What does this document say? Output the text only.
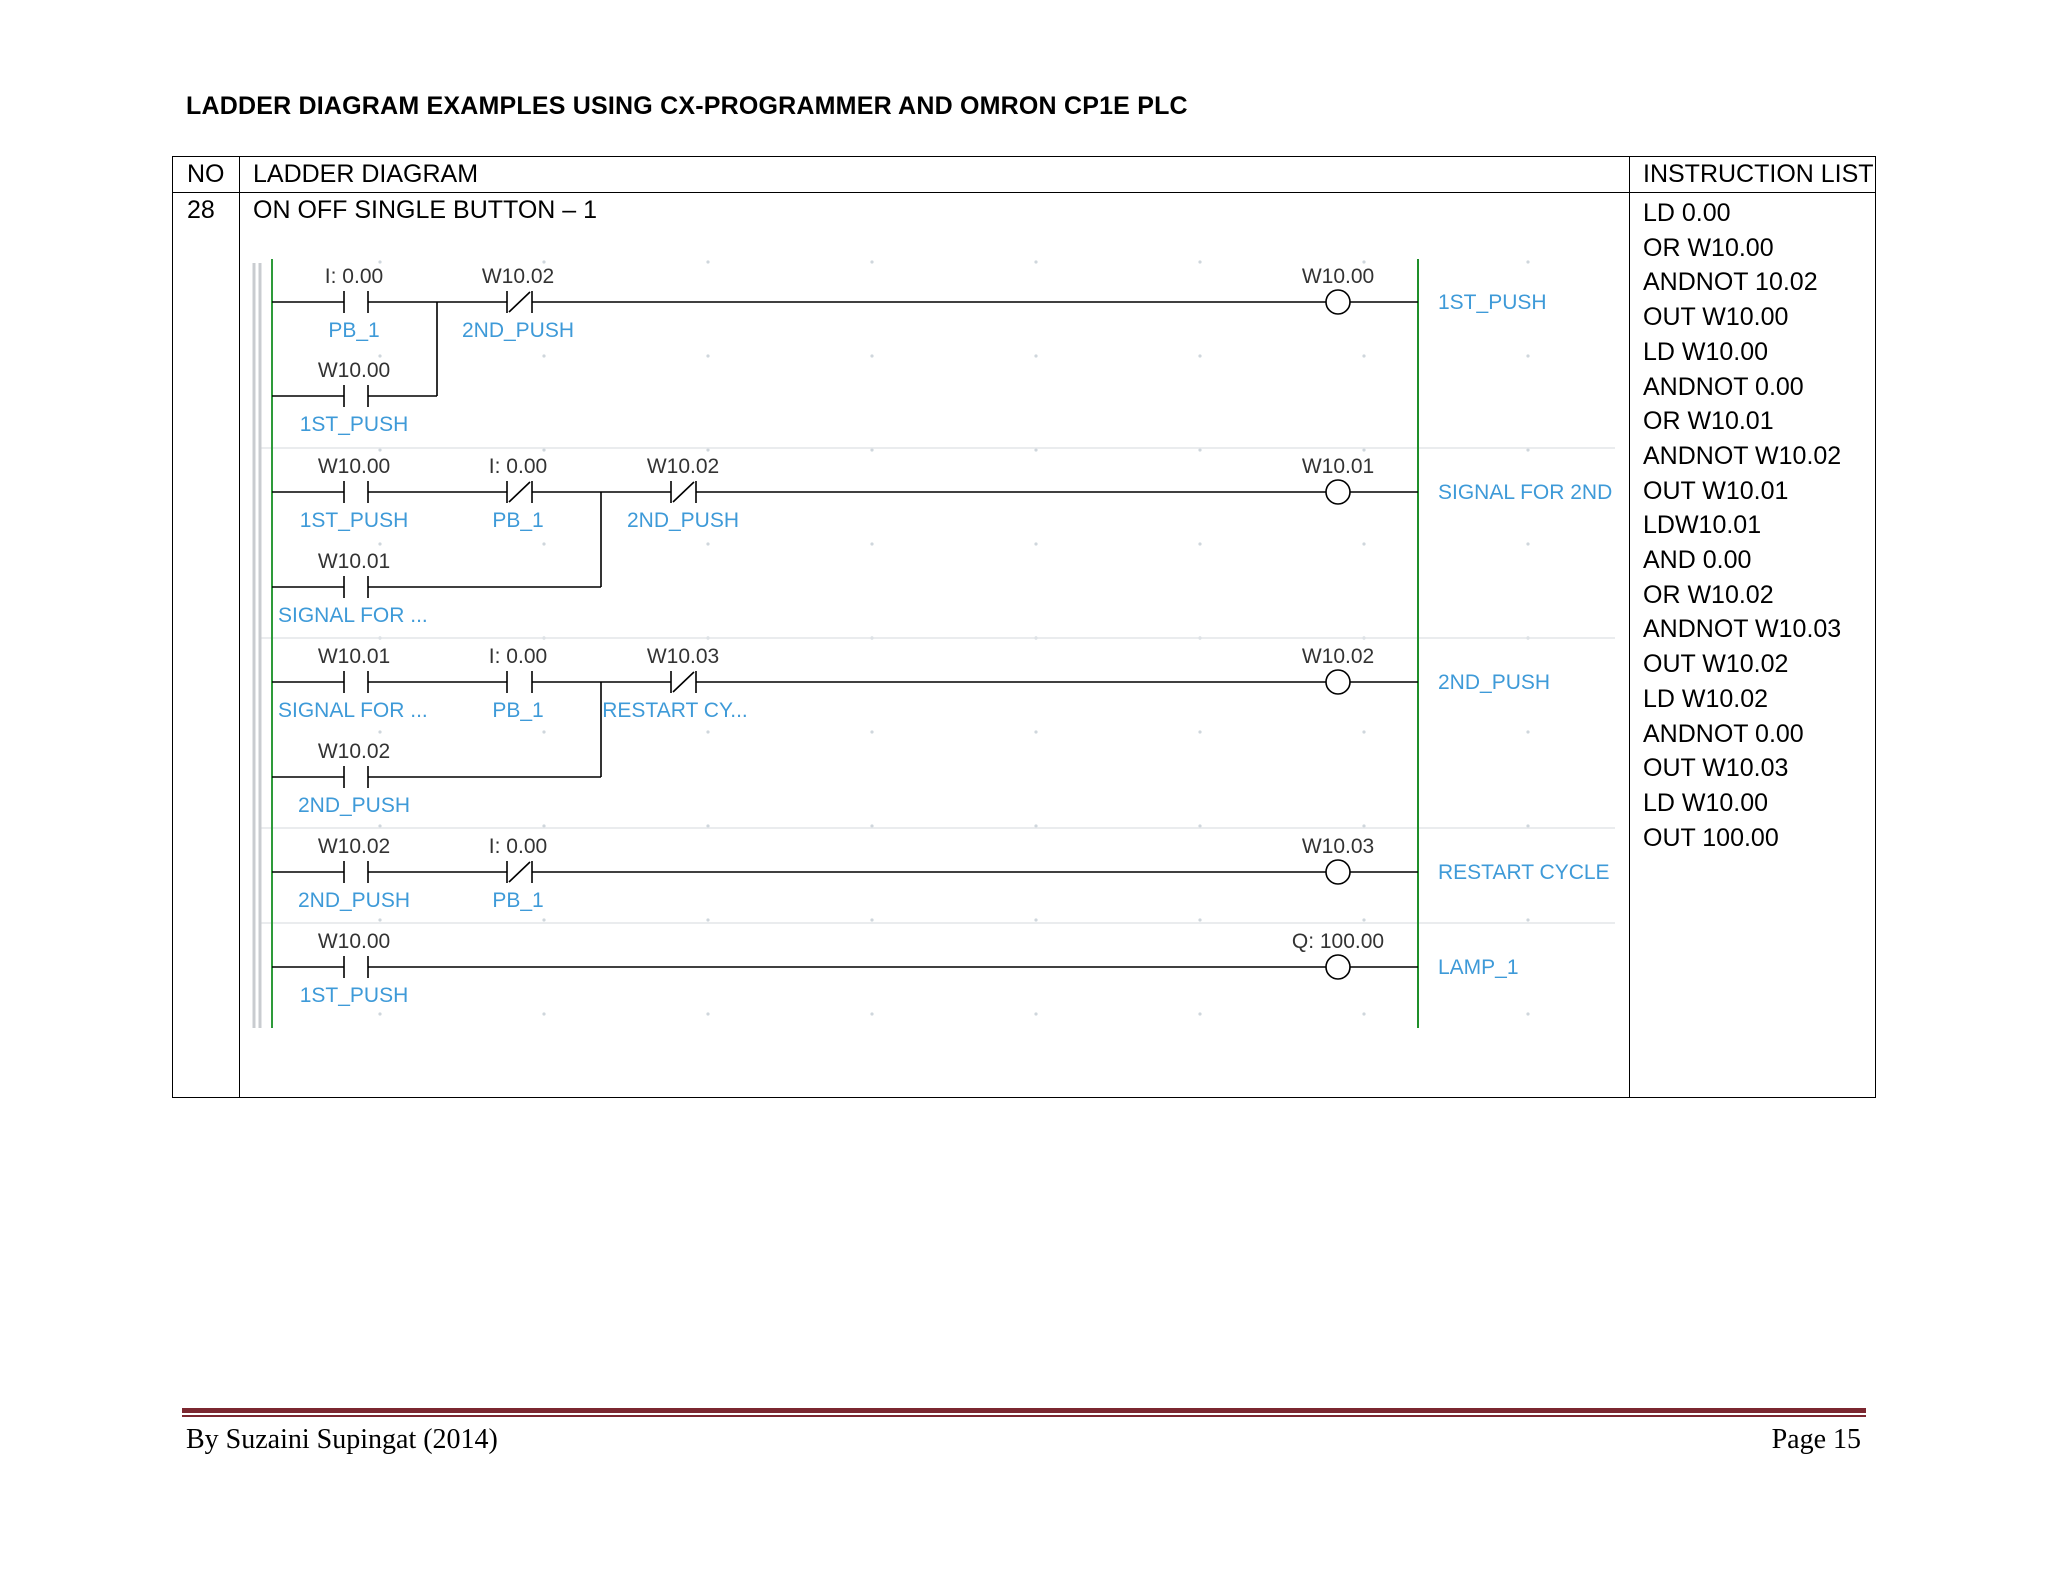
LADDER DIAGRAM EXAMPLES USING CX-PROGRAMMER AND OMRON CP1E PLC
NO LADDER DIAGRAM	INSTRUCTION LIST
28 ON OFF SINGLE BUTTON – 1	LD 0.00
OR W10.00
ANDNOT 10.02
OUT W10.00
LD W10.00
ANDNOT 0.00
OR W10.01
ANDNOT W10.02
OUT W10.01
LDW10.01
AND 0.00
OR W10.02
ANDNOT W10.03
OUT W10.02
LD W10.02
ANDNOT 0.00
OUT W10.03
LD W10.00
OUT 100.00
I: 0.00	W10.02
W10.00
W10.00
W10.00	I: 0.00	W10.02
W10.01
W10.01
W10.01	I: 0.00	W10.03
W10.02
W10.02
W10.02	I: 0.00	W10.03
W10.00	Q: 100.00
PB_1	2ND_PUSH
1ST_PUSH
1ST_PUSH	PB_1	2ND_PUSH
PB_1	RESTART CY...
2ND_PUSH
2ND_PUSH	PB_1
1ST_PUSH
SIGNAL FOR ...
SIGNAL FOR ...
1ST_PUSH
SIGNAL FOR 2ND
2ND_PUSH
RESTART CYCLE
LAMP_1
By Suzaini Supingat (2014)	Page 15
